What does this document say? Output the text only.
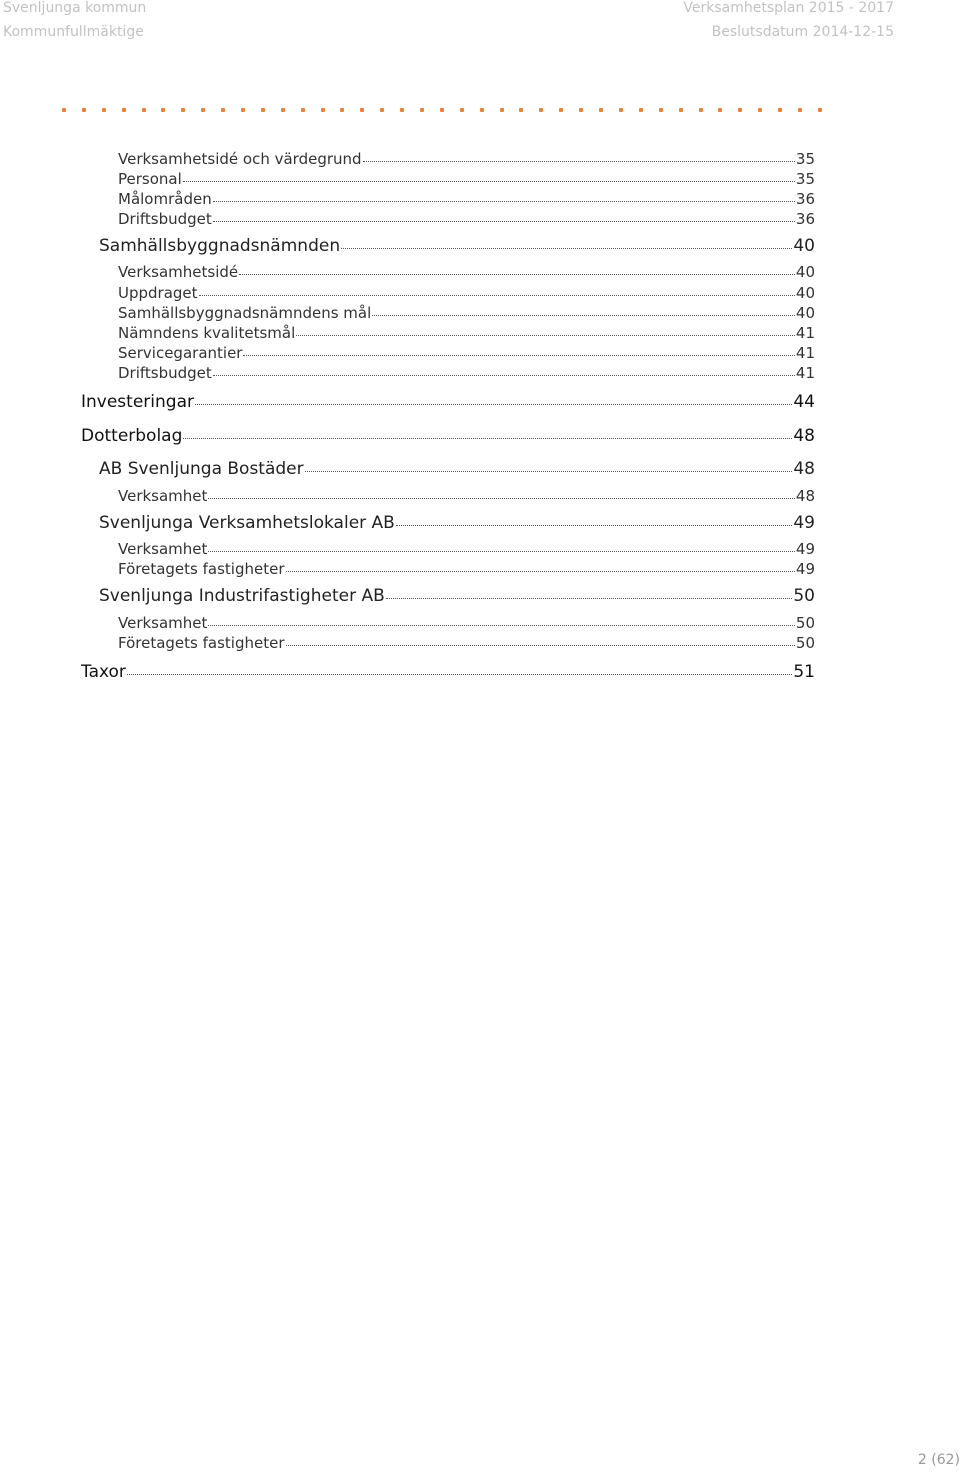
Svenljunga kommun
Kommunfullmäktige
Verksamhetsplan 2015 - 2017
Beslutsdatum 2014-12-15
Verksamhetsidé och värdegrund	35
Personal	35
Målområden	36
Driftsbudget	36
Samhällsbyggnadsnämnden	40
Verksamhetsidé	40
Uppdraget	40
Samhällsbyggnadsnämndens mål	40
Nämndens kvalitetsmål	41
Servicegarantier	41
Driftsbudget	41
Investeringar	44
Dotterbolag	48
AB Svenljunga Bostäder	48
Verksamhet	48
Svenljunga Verksamhetslokaler AB	49
Verksamhet	49
Företagets fastigheter	49
Svenljunga Industrifastigheter AB	50
Verksamhet	50
Företagets fastigheter	50
Taxor	51
2 (62)
